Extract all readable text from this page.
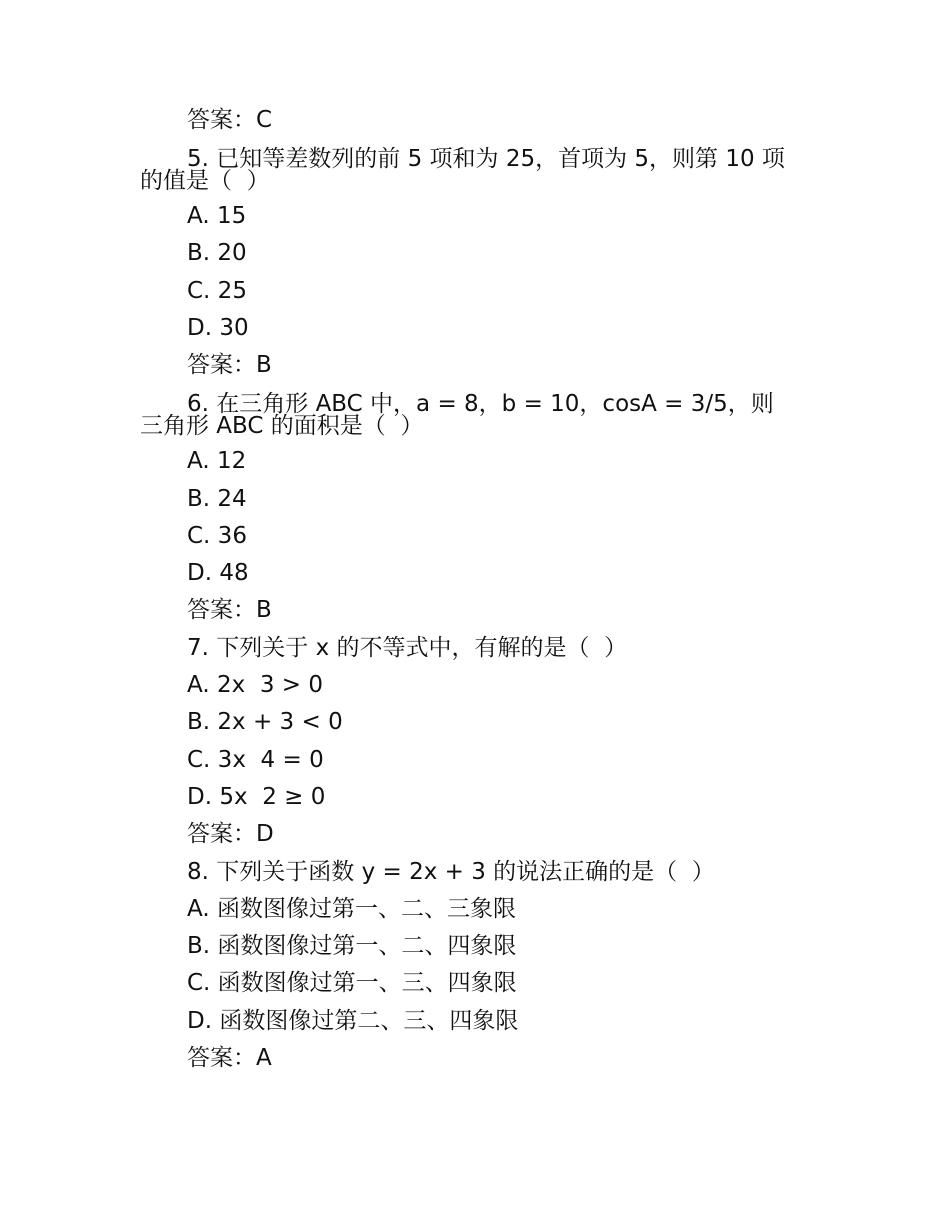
答案：C
5. 已知等差数列的前 5 项和为 25，首项为 5，则第 10 项
的值是（  ）
A. 15
B. 20
C. 25
D. 30
答案：B
6. 在三角形 ABC 中，a = 8，b = 10，cosA = 3/5，则
三角形 ABC 的面积是（  ）
A. 12
B. 24
C. 36
D. 48
答案：B
7. 下列关于 x 的不等式中，有解的是（  ）
A. 2x  3 > 0
B. 2x + 3 < 0
C. 3x  4 = 0
D. 5x  2 ≥ 0
答案：D
8. 下列关于函数 y = 2x + 3 的说法正确的是（  ）
A. 函数图像过第一、二、三象限
B. 函数图像过第一、二、四象限
C. 函数图像过第一、三、四象限
D. 函数图像过第二、三、四象限
答案：A
